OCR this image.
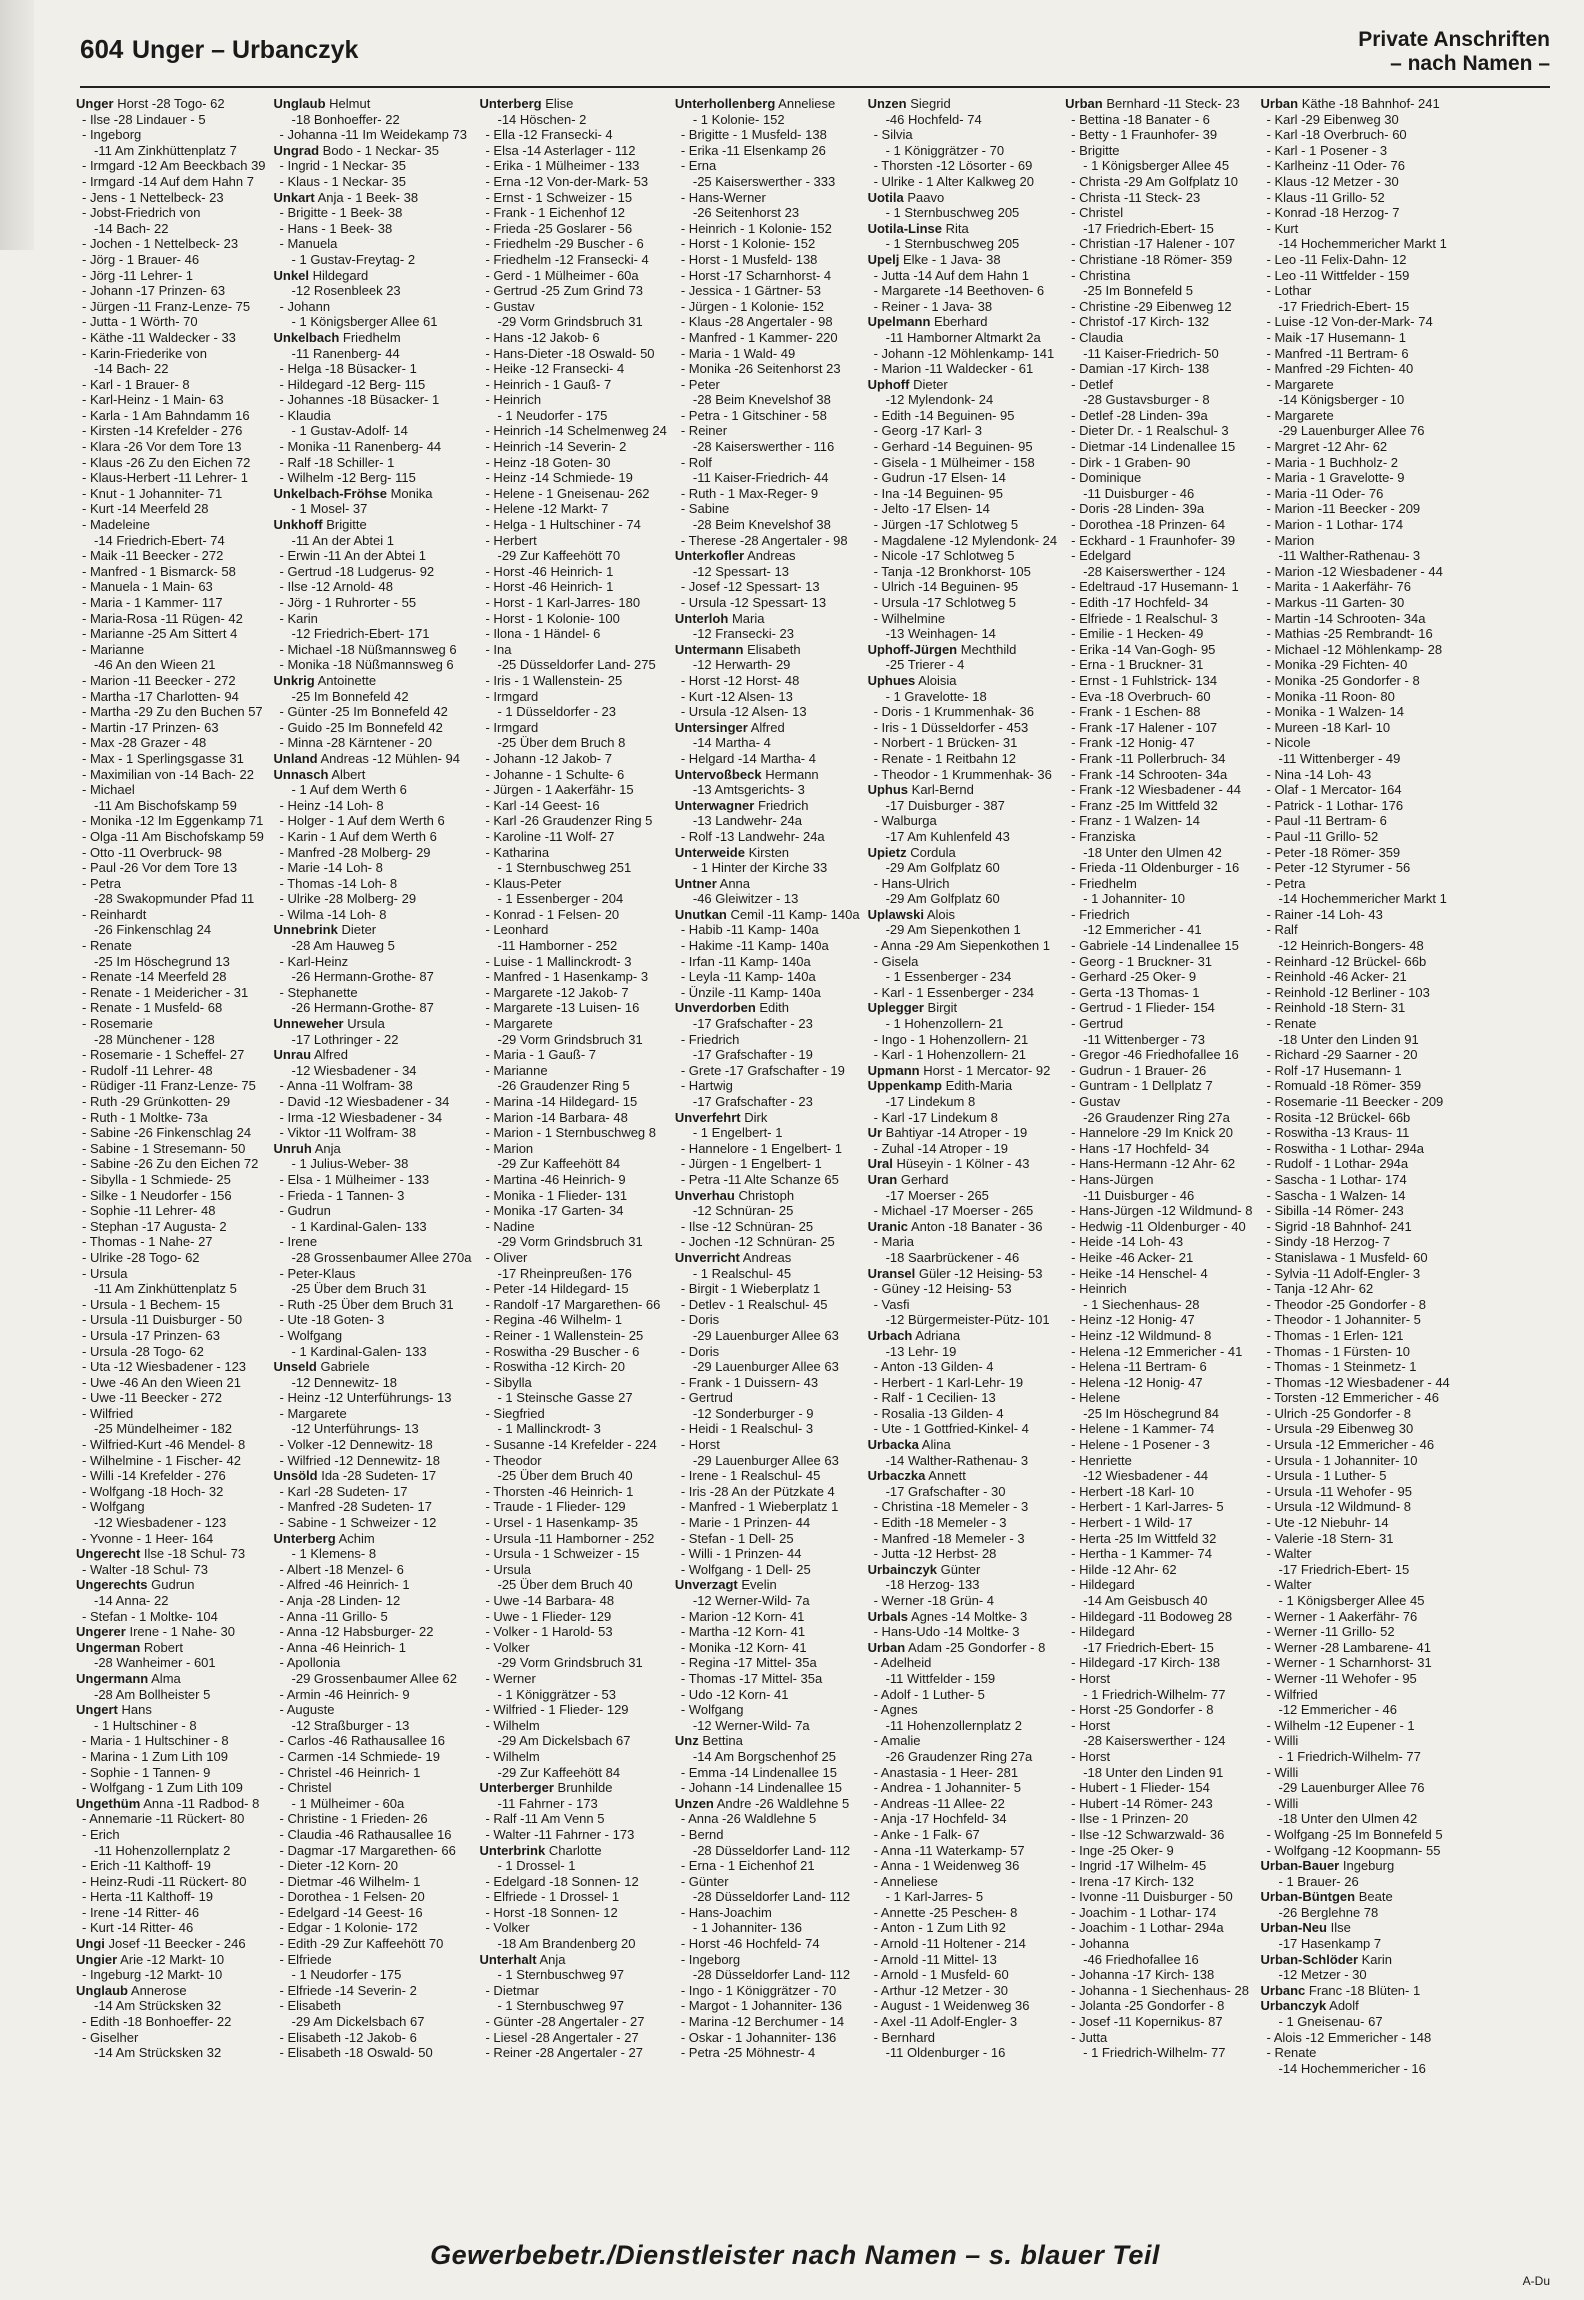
604 Unger – Urbanczyk	Private Anschriften
– nach Namen –
Unger Horst -28 Togo- 62
- Ilse -28 Lindauer - 5
- Ingeborg
-11 Am Zinkhüttenplatz 7
- Irmgard -12 Am Beeckbach 39
- Irmgard -14 Auf dem Hahn 7
- Jens - 1 Nettelbeck- 23
- Jobst-Friedrich von
-14 Bach- 22
- Jochen - 1 Nettelbeck- 23
- Jörg - 1 Brauer- 46
- Jörg -11 Lehrer- 1
- Johann -17 Prinzen- 63
- Jürgen -11 Franz-Lenze- 75
- Jutta - 1 Wörth- 70
- Käthe -11 Waldecker - 33
- Karin-Friederike von
-14 Bach- 22
- Karl - 1 Brauer- 8
- Karl-Heinz - 1 Main- 63
- Karla - 1 Am Bahndamm 16
- Kirsten -14 Krefelder - 276
- Klara -26 Vor dem Tore 13
- Klaus -26 Zu den Eichen 72
- Klaus-Herbert -11 Lehrer- 1
- Knut - 1 Johanniter- 71
- Kurt -14 Meerfeld 28
- Madeleine
-14 Friedrich-Ebert- 74
- Maik -11 Beecker - 272
- Manfred - 1 Bismarck- 58
- Manuela - 1 Main- 63
- Maria - 1 Kammer- 117
- Maria-Rosa -11 Rügen- 42
- Marianne -25 Am Sittert 4
- Marianne
-46 An den Wieen 21
- Marion -11 Beecker - 272
- Martha -17 Charlotten- 94
- Martha -29 Zu den Buchen 57
- Martin -17 Prinzen- 63
- Max -28 Grazer - 48
- Max - 1 Sperlingsgasse 31
- Maximilian von -14 Bach- 22
- Michael
-11 Am Bischofskamp 59
- Monika -12 Im Eggenkamp 71
- Olga -11 Am Bischofskamp 59
- Otto -11 Overbruck- 98
- Paul -26 Vor dem Tore 13
- Petra
-28 Swakopmunder Pfad 11
- Reinhardt
-26 Finkenschlag 24
- Renate
-25 Im Höschegrund 13
- Renate -14 Meerfeld 28
- Renate - 1 Meidericher - 31
- Renate - 1 Musfeld- 68
- Rosemarie
-28 Münchener - 128
- Rosemarie - 1 Scheffel- 27
- Rudolf -11 Lehrer- 48
- Rüdiger -11 Franz-Lenze- 75
- Ruth -29 Grünkotten- 29
- Ruth - 1 Moltke- 73a
- Sabine -26 Finkenschlag 24
- Sabine - 1 Stresemann- 50
- Sabine -26 Zu den Eichen 72
- Sibylla - 1 Schmiede- 25
- Silke - 1 Neudorfer - 156
- Sophie -11 Lehrer- 48
- Stephan -17 Augusta- 2
- Thomas - 1 Nahe- 27
- Ulrike -28 Togo- 62
- Ursula
-11 Am Zinkhüttenplatz 5
- Ursula - 1 Bechem- 15
- Ursula -11 Duisburger - 50
- Ursula -17 Prinzen- 63
- Ursula -28 Togo- 62
- Uta -12 Wiesbadener - 123
- Uwe -46 An den Wieen 21
- Uwe -11 Beecker - 272
- Wilfried
-25 Mündelheimer - 182
- Wilfried-Kurt -46 Mendel- 8
- Wilhelmine - 1 Fischer- 42
- Willi -14 Krefelder - 276
- Wolfgang -18 Hoch- 32
- Wolfgang
-12 Wiesbadener - 123
- Yvonne - 1 Heer- 164
Ungerecht Ilse -18 Schul- 73
- Walter -18 Schul- 73
Ungerechts Gudrun
-14 Anna- 22
- Stefan - 1 Moltke- 104
Ungerer Irene - 1 Nahe- 30
Ungerman Robert
-28 Wanheimer - 601
Ungermann Alma
-28 Am Bollheister 5
Ungert Hans
- 1 Hultschiner - 8
- Maria - 1 Hultschiner - 8
- Marina - 1 Zum Lith 109
- Sophie - 1 Tannen- 9
- Wolfgang - 1 Zum Lith 109
Ungethüm Anna -11 Radbod- 8
- Annemarie -11 Rückert- 80
- Erich
-11 Hohenzollernplatz 2
- Erich -11 Kalthoff- 19
- Heinz-Rudi -11 Rückert- 80
- Herta -11 Kalthoff- 19
- Irene -14 Ritter- 46
- Kurt -14 Ritter- 46
Ungi Josef -11 Beecker - 246
Ungier Arie -12 Markt- 10
- Ingeburg -12 Markt- 10
Unglaub Annerose
-14 Am Strücksken 32
- Edith -18 Bonhoeffer- 22
- Giselher
-14 Am Strücksken 32
Unglaub Helmut
-18 Bonhoeffer- 22
- Johanna -11 Im Weidekamp 73
Ungrad Bodo - 1 Neckar- 35
- Ingrid - 1 Neckar- 35
- Klaus - 1 Neckar- 35
Unkart Anja - 1 Beek- 38
- Brigitte - 1 Beek- 38
- Hans - 1 Beek- 38
- Manuela
- 1 Gustav-Freytag- 2
Unkel Hildegard
-12 Rosenbleek 23
- Johann
- 1 Königsberger Allee 61
Unkelbach Friedhelm
-11 Ranenberg- 44
- Helga -18 Büsacker- 1
- Hildegard -12 Berg- 115
- Johannes -18 Büsacker- 1
- Klaudia
- 1 Gustav-Adolf- 14
- Monika -11 Ranenberg- 44
- Ralf -18 Schiller- 1
- Wilhelm -12 Berg- 115
Unkelbach-Fröhse Monika
- 1 Mosel- 37
Unkhoff Brigitte
-11 An der Abtei 1
- Erwin -11 An der Abtei 1
- Gertrud -18 Ludgerus- 92
- Ilse -12 Arnold- 48
- Jörg - 1 Ruhrorter - 55
- Karin
-12 Friedrich-Ebert- 171
- Michael -18 Nüßmannsweg 6
- Monika -18 Nüßmannsweg 6
Unkrig Antoinette
-25 Im Bonnefeld 42
- Günter -25 Im Bonnefeld 42
- Guido -25 Im Bonnefeld 42
- Minna -28 Kärntener - 20
Unland Andreas -12 Mühlen- 94
Unnasch Albert
- 1 Auf dem Werth 6
- Heinz -14 Loh- 8
- Holger - 1 Auf dem Werth 6
- Karin - 1 Auf dem Werth 6
- Manfred -28 Molberg- 29
- Marie -14 Loh- 8
- Thomas -14 Loh- 8
- Ulrike -28 Molberg- 29
- Wilma -14 Loh- 8
Unnebrink Dieter
-28 Am Hauweg 5
- Karl-Heinz
-26 Hermann-Grothe- 87
- Stephanette
-26 Hermann-Grothe- 87
Unneweher Ursula
-17 Lothringer - 22
Unrau Alfred
-12 Wiesbadener - 34
- Anna -11 Wolfram- 38
- David -12 Wiesbadener - 34
- Irma -12 Wiesbadener - 34
- Viktor -11 Wolfram- 38
Unruh Anja
- 1 Julius-Weber- 38
- Elsa - 1 Mülheimer - 133
- Frieda - 1 Tannen- 3
- Gudrun
- 1 Kardinal-Galen- 133
- Irene
-28 Grossenbaumer Allee 270a
- Peter-Klaus
-25 Über dem Bruch 31
- Ruth -25 Über dem Bruch 31
- Ute -18 Goten- 3
- Wolfgang
- 1 Kardinal-Galen- 133
Unseld Gabriele
-12 Dennewitz- 18
- Heinz -12 Unterführungs- 13
- Margarete
-12 Unterführungs- 13
- Volker -12 Dennewitz- 18
- Wilfried -12 Dennewitz- 18
Unsöld Ida -28 Sudeten- 17
- Karl -28 Sudeten- 17
- Manfred -28 Sudeten- 17
- Sabine - 1 Schweizer - 12
Unterberg Achim
- 1 Klemens- 8
- Albert -18 Menzel- 6
- Alfred -46 Heinrich- 1
- Anja -28 Linden- 12
- Anna -11 Grillo- 5
- Anna -12 Habsburger- 22
- Anna -46 Heinrich- 1
- Apollonia
-29 Grossenbaumer Allee 62
- Armin -46 Heinrich- 9
- Auguste
-12 Straßburger - 13
- Carlos -46 Rathausallee 16
- Carmen -14 Schmiede- 19
- Christel -46 Heinrich- 1
- Christel
- 1 Mülheimer - 60a
- Christine - 1 Frieden- 26
- Claudia -46 Rathausallee 16
- Dagmar -17 Margarethen- 66
- Dieter -12 Korn- 20
- Dietmar -46 Wilhelm- 1
- Dorothea - 1 Felsen- 20
- Edelgard -14 Geest- 16
- Edgar - 1 Kolonie- 172
- Edith -29 Zur Kaffeehött 70
- Elfriede
- 1 Neudorfer - 175
- Elfriede -14 Severin- 2
- Elisabeth
-29 Am Dickelsbach 67
- Elisabeth -12 Jakob- 6
- Elisabeth -18 Oswald- 50
Unterberg Elise
-14 Höschen- 2
- Ella -12 Fransecki- 4
- Elsa -14 Asterlager - 112
- Erika - 1 Mülheimer - 133
- Erna -12 Von-der-Mark- 53
- Ernst - 1 Schweizer - 15
- Frank - 1 Eichenhof 12
- Frieda -25 Goslarer - 56
- Friedhelm -29 Buscher - 6
- Friedhelm -12 Fransecki- 4
- Gerd - 1 Mülheimer - 60a
- Gertrud -25 Zum Grind 73
- Gustav
-29 Vorm Grindsbruch 31
- Hans -12 Jakob- 6
- Hans-Dieter -18 Oswald- 50
- Heike -12 Fransecki- 4
- Heinrich - 1 Gauß- 7
- Heinrich
- 1 Neudorfer - 175
- Heinrich -14 Schelmenweg 24
- Heinrich -14 Severin- 2
- Heinz -18 Goten- 30
- Heinz -14 Schmiede- 19
- Helene - 1 Gneisenau- 262
- Helene -12 Markt- 7
- Helga - 1 Hultschiner - 74
- Herbert
-29 Zur Kaffeehött 70
- Horst -46 Heinrich- 1
- Horst -46 Heinrich- 1
- Horst - 1 Karl-Jarres- 180
- Horst - 1 Kolonie- 100
- Ilona - 1 Händel- 6
- Ina
-25 Düsseldorfer Land- 275
- Iris - 1 Wallenstein- 25
- Irmgard
- 1 Düsseldorfer - 23
- Irmgard
-25 Über dem Bruch 8
- Johann -12 Jakob- 7
- Johanne - 1 Schulte- 6
- Jürgen - 1 Aakerfähr- 15
- Karl -14 Geest- 16
- Karl -26 Graudenzer Ring 5
- Karoline -11 Wolf- 27
- Katharina
- 1 Sternbuschweg 251
- Klaus-Peter
- 1 Essenberger - 204
- Konrad - 1 Felsen- 20
- Leonhard
-11 Hamborner - 252
- Luise - 1 Mallinckrodt- 3
- Manfred - 1 Hasenkamp- 3
- Margarete -12 Jakob- 7
- Margarete -13 Luisen- 16
- Margarete
-29 Vorm Grindsbruch 31
- Maria - 1 Gauß- 7
- Marianne
-26 Graudenzer Ring 5
- Marina -14 Hildegard- 15
- Marion -14 Barbara- 48
- Marion - 1 Sternbuschweg 8
- Marion
-29 Zur Kaffeehött 84
- Martina -46 Heinrich- 9
- Monika - 1 Flieder- 131
- Monika -17 Garten- 34
- Nadine
-29 Vorm Grindsbruch 31
- Oliver
-17 Rheinpreußen- 176
- Peter -14 Hildegard- 15
- Randolf -17 Margarethen- 66
- Regina -46 Wilhelm- 1
- Reiner - 1 Wallenstein- 25
- Roswitha -29 Buscher - 6
- Roswitha -12 Kirch- 20
- Sibylla
- 1 Steinsche Gasse 27
- Siegfried
- 1 Mallinckrodt- 3
- Susanne -14 Krefelder - 224
- Theodor
-25 Über dem Bruch 40
- Thorsten -46 Heinrich- 1
- Traude - 1 Flieder- 129
- Ursel - 1 Hasenkamp- 35
- Ursula -11 Hamborner - 252
- Ursula - 1 Schweizer - 15
- Ursula
-25 Über dem Bruch 40
- Uwe -14 Barbara- 48
- Uwe - 1 Flieder- 129
- Volker - 1 Harold- 53
- Volker
-29 Vorm Grindsbruch 31
- Werner
- 1 Königgrätzer - 53
- Wilfried - 1 Flieder- 129
- Wilhelm
-29 Am Dickelsbach 67
- Wilhelm
-29 Zur Kaffeehött 84
Unterberger Brunhilde
-11 Fahrner - 173
- Ralf -11 Am Venn 5
- Walter -11 Fahrner - 173
Unterbrink Charlotte
- 1 Drossel- 1
- Edelgard -18 Sonnen- 12
- Elfriede - 1 Drossel- 1
- Horst -18 Sonnen- 12
- Volker
-18 Am Brandenberg 20
Unterhalt Anja
- 1 Sternbuschweg 97
- Dietmar
- 1 Sternbuschweg 97
- Günter -28 Angertaler - 27
- Liesel -28 Angertaler - 27
- Reiner -28 Angertaler - 27
Unterhollenberg Anneliese
- 1 Kolonie- 152
- Brigitte - 1 Musfeld- 138
- Erika -11 Elsenkamp 26
- Erna
-25 Kaiserswerther - 333
- Hans-Werner
-26 Seitenhorst 23
- Heinrich - 1 Kolonie- 152
- Horst - 1 Kolonie- 152
- Horst - 1 Musfeld- 138
- Horst -17 Scharnhorst- 4
- Jessica - 1 Gärtner- 53
- Jürgen - 1 Kolonie- 152
- Klaus -28 Angertaler - 98
- Manfred - 1 Kammer- 220
- Maria - 1 Wald- 49
- Monika -26 Seitenhorst 23
- Peter
-28 Beim Knevelshof 38
- Petra - 1 Gitschiner - 58
- Reiner
-28 Kaiserswerther - 116
- Rolf
-11 Kaiser-Friedrich- 44
- Ruth - 1 Max-Reger- 9
- Sabine
-28 Beim Knevelshof 38
- Therese -28 Angertaler - 98
Unterkofler Andreas
-12 Spessart- 13
- Josef -12 Spessart- 13
- Ursula -12 Spessart- 13
Unterloh Maria
-12 Fransecki- 23
Untermann Elisabeth
-12 Herwarth- 29
- Horst -12 Horst- 48
- Kurt -12 Alsen- 13
- Ursula -12 Alsen- 13
Untersinger Alfred
-14 Martha- 4
- Helgard -14 Martha- 4
Untervoßbeck Hermann
-13 Amtsgerichts- 3
Unterwagner Friedrich
-13 Landwehr- 24a
- Rolf -13 Landwehr- 24a
Unterweide Kirsten
- 1 Hinter der Kirche 33
Untner Anna
-46 Gleiwitzer - 13
Unutkan Cemil -11 Kamp- 140a
- Habib -11 Kamp- 140a
- Hakime -11 Kamp- 140a
- Irfan -11 Kamp- 140a
- Leyla -11 Kamp- 140a
- Ünzile -11 Kamp- 140a
Unverdorben Edith
-17 Grafschafter - 23
- Friedrich
-17 Grafschafter - 19
- Grete -17 Grafschafter - 19
- Hartwig
-17 Grafschafter - 23
Unverfehrt Dirk
- 1 Engelbert- 1
- Hannelore - 1 Engelbert- 1
- Jürgen - 1 Engelbert- 1
- Petra -11 Alte Schanze 65
Unverhau Christoph
-12 Schnüran- 25
- Ilse -12 Schnüran- 25
- Jochen -12 Schnüran- 25
Unverricht Andreas
- 1 Realschul- 45
- Birgit - 1 Wieberplatz 1
- Detlev - 1 Realschul- 45
- Doris
-29 Lauenburger Allee 63
- Doris
-29 Lauenburger Allee 63
- Frank - 1 Duissern- 43
- Gertrud
-12 Sonderburger - 9
- Heidi - 1 Realschul- 3
- Horst
-29 Lauenburger Allee 63
- Irene - 1 Realschul- 45
- Iris -28 An der Pützkate 4
- Manfred - 1 Wieberplatz 1
- Marie - 1 Prinzen- 44
- Stefan - 1 Dell- 25
- Willi - 1 Prinzen- 44
- Wolfgang - 1 Dell- 25
Unverzagt Evelin
-12 Werner-Wild- 7a
- Marion -12 Korn- 41
- Martha -12 Korn- 41
- Monika -12 Korn- 41
- Regina -17 Mittel- 35a
- Thomas -17 Mittel- 35a
- Udo -12 Korn- 41
- Wolfgang
-12 Werner-Wild- 7a
Unz Bettina
-14 Am Borgschenhof 25
- Emma -14 Lindenallee 15
- Johann -14 Lindenallee 15
Unzen Andre -26 Waldlehne 5
- Anna -26 Waldlehne 5
- Bernd
-28 Düsseldorfer Land- 112
- Erna - 1 Eichenhof 21
- Günter
-28 Düsseldorfer Land- 112
- Hans-Joachim
- 1 Johanniter- 136
- Horst -46 Hochfeld- 74
- Ingeborg
-28 Düsseldorfer Land- 112
- Ingo - 1 Königgrätzer - 70
- Margot - 1 Johanniter- 136
- Marina -12 Berchumer - 14
- Oskar - 1 Johanniter- 136
- Petra -25 Möhnestr- 4
Unzen Siegrid
-46 Hochfeld- 74
- Silvia
- 1 Königgrätzer - 70
- Thorsten -12 Lösorter - 69
- Ulrike - 1 Alter Kalkweg 20
Uotila Paavo
- 1 Sternbuschweg 205
Uotila-Linse Rita
- 1 Sternbuschweg 205
Upelj Elke - 1 Java- 38
- Jutta -14 Auf dem Hahn 1
- Margarete -14 Beethoven- 6
- Reiner - 1 Java- 38
Upelmann Eberhard
-11 Hamborner Altmarkt 2a
- Johann -12 Möhlenkamp- 141
- Marion -11 Waldecker - 61
Uphoff Dieter
-12 Mylendonk- 24
- Edith -14 Beguinen- 95
- Georg -17 Karl- 3
- Gerhard -14 Beguinen- 95
- Gisela - 1 Mülheimer - 158
- Gudrun -17 Elsen- 14
- Ina -14 Beguinen- 95
- Jelto -17 Elsen- 14
- Jürgen -17 Schlotweg 5
- Magdalene -12 Mylendonk- 24
- Nicole -17 Schlotweg 5
- Tanja -12 Bronkhorst- 105
- Ulrich -14 Beguinen- 95
- Ursula -17 Schlotweg 5
- Wilhelmine
-13 Weinhagen- 14
Uphoff-Jürgen Mechthild
-25 Trierer - 4
Uphues Aloisia
- 1 Gravelotte- 18
- Doris - 1 Krummenhak- 36
- Iris - 1 Düsseldorfer - 453
- Norbert - 1 Brücken- 31
- Renate - 1 Reitbahn 12
- Theodor - 1 Krummenhak- 36
Uphus Karl-Bernd
-17 Duisburger - 387
- Walburga
-17 Am Kuhlenfeld 43
Upietz Cordula
-29 Am Golfplatz 60
- Hans-Ulrich
-29 Am Golfplatz 60
Uplawski Alois
-29 Am Siepenkothen 1
- Anna -29 Am Siepenkothen 1
- Gisela
- 1 Essenberger - 234
- Karl - 1 Essenberger - 234
Uplegger Birgit
- 1 Hohenzollern- 21
- Ingo - 1 Hohenzollern- 21
- Karl - 1 Hohenzollern- 21
Upmann Horst - 1 Mercator- 92
Uppenkamp Edith-Maria
-17 Lindekum 8
- Karl -17 Lindekum 8
Ur Bahtiyar -14 Atroper - 19
- Zuhal -14 Atroper - 19
Ural Hüseyin - 1 Kölner - 43
Uran Gerhard
-17 Moerser - 265
- Michael -17 Moerser - 265
Uranic Anton -18 Banater - 36
- Maria
-18 Saarbrückener - 46
Uransel Güler -12 Heising- 53
- Güney -12 Heising- 53
- Vasfi
-12 Bürgermeister-Pütz- 101
Urbach Adriana
-13 Lehr- 19
- Anton -13 Gilden- 4
- Herbert - 1 Karl-Lehr- 19
- Ralf - 1 Cecilien- 13
- Rosalia -13 Gilden- 4
- Ute - 1 Gottfried-Kinkel- 4
Urbacka Alina
-14 Walther-Rathenau- 3
Urbaczka Annett
-17 Grafschafter - 30
- Christina -18 Memeler - 3
- Edith -18 Memeler - 3
- Manfred -18 Memeler - 3
- Jutta -12 Herbst- 28
Urbainczyk Günter
-18 Herzog- 133
- Werner -18 Grün- 4
Urbals Agnes -14 Moltke- 3
- Hans-Udo -14 Moltke- 3
Urban Adam -25 Gondorfer - 8
- Adelheid
-11 Wittfelder - 159
- Adolf - 1 Luther- 5
- Agnes
-11 Hohenzollernplatz 2
- Amalie
-26 Graudenzer Ring 27a
- Anastasia - 1 Heer- 281
- Andrea - 1 Johanniter- 5
- Andreas -11 Allee- 22
- Anja -17 Hochfeld- 34
- Anke - 1 Falk- 67
- Anna -11 Waterkamp- 57
- Anna - 1 Weidenweg 36
- Anneliese
- 1 Karl-Jarres- 5
- Annette -25 Pescheн- 8
- Anton - 1 Zum Lith 92
- Arnold -11 Holtener - 214
- Arnold -11 Mittel- 13
- Arnold - 1 Musfeld- 60
- Arthur -12 Metzer - 30
- August - 1 Weidenweg 36
- Axel -11 Adolf-Engler- 3
- Bernhard
-11 Oldenburger - 16
Urban Bernhard -11 Steck- 23
- Bettina -18 Banater - 6
- Betty - 1 Fraunhofer- 39
- Brigitte
- 1 Königsberger Allee 45
- Christa -29 Am Golfplatz 10
- Christa -11 Steck- 23
- Christel
-17 Friedrich-Ebert- 15
- Christian -17 Halener - 107
- Christiane -18 Römer- 359
- Christina
-25 Im Bonnefeld 5
- Christine -29 Eibenweg 12
- Christof -17 Kirch- 132
- Claudia
-11 Kaiser-Friedrich- 50
- Damian -17 Kirch- 138
- Detlef
-28 Gustavsburger - 8
- Detlef -28 Linden- 39a
- Dieter Dr. - 1 Realschul- 3
- Dietmar -14 Lindenallee 15
- Dirk - 1 Graben- 90
- Dominique
-11 Duisburger - 46
- Doris -28 Linden- 39a
- Dorothea -18 Prinzen- 64
- Eckhard - 1 Fraunhofer- 39
- Edelgard
-28 Kaiserswerther - 124
- Edeltraud -17 Husemann- 1
- Edith -17 Hochfeld- 34
- Elfriede - 1 Realschul- 3
- Emilie - 1 Hecken- 49
- Erika -14 Van-Gogh- 95
- Erna - 1 Bruckner- 31
- Ernst - 1 Fuhlstrick- 134
- Eva -18 Overbruch- 60
- Frank - 1 Eschen- 88
- Frank -17 Halener - 107
- Frank -12 Honig- 47
- Frank -11 Pollerbruch- 34
- Frank -14 Schrooten- 34a
- Frank -12 Wiesbadener - 44
- Franz -25 Im Wittfeld 32
- Franz - 1 Walzen- 14
- Franziska
-18 Unter den Ulmen 42
- Frieda -11 Oldenburger - 16
- Friedhelm
- 1 Johanniter- 10
- Friedrich
-12 Emmericher - 41
- Gabriele -14 Lindenallee 15
- Georg - 1 Bruckner- 31
- Gerhard -25 Oker- 9
- Gerta -13 Thomas- 1
- Gertrud - 1 Flieder- 154
- Gertrud
-11 Wittenberger - 73
- Gregor -46 Friedhofallee 16
- Gudrun - 1 Brauer- 26
- Guntram - 1 Dellplatz 7
- Gustav
-26 Graudenzer Ring 27a
- Hannelore -29 Im Knick 20
- Hans -17 Hochfeld- 34
- Hans-Hermann -12 Ahr- 62
- Hans-Jürgen
-11 Duisburger - 46
- Hans-Jürgen -12 Wildmund- 8
- Hedwig -11 Oldenburger - 40
- Heide -14 Loh- 43
- Heike -46 Acker- 21
- Heike -14 Henschel- 4
- Heinrich
- 1 Siechenhaus- 28
- Heinz -12 Honig- 47
- Heinz -12 Wildmund- 8
- Helena -12 Emmericher - 41
- Helena -11 Bertram- 6
- Helena -12 Honig- 47
- Helene
-25 Im Höschegrund 84
- Helene - 1 Kammer- 74
- Helene - 1 Posener - 3
- Henriette
-12 Wiesbadener - 44
- Herbert -18 Karl- 10
- Herbert - 1 Karl-Jarres- 5
- Herbert - 1 Wild- 17
- Herta -25 Im Wittfeld 32
- Hertha - 1 Kammer- 74
- Hilde -12 Ahr- 62
- Hildegard
-14 Am Geisbusch 40
- Hildegard -11 Bodoweg 28
- Hildegard
-17 Friedrich-Ebert- 15
- Hildegard -17 Kirch- 138
- Horst
- 1 Friedrich-Wilhelm- 77
- Horst -25 Gondorfer - 8
- Horst
-28 Kaiserswerther - 124
- Horst
-18 Unter den Linden 91
- Hubert - 1 Flieder- 154
- Hubert -14 Römer- 243
- Ilse - 1 Prinzen- 20
- Ilse -12 Schwarzwald- 36
- Inge -25 Oker- 9
- Ingrid -17 Wilhelm- 45
- Irena -17 Kirch- 132
- Ivonne -11 Duisburger - 50
- Joachim - 1 Lothar- 174
- Joachim - 1 Lothar- 294a
- Johanna
-46 Friedhofallee 16
- Johanna -17 Kirch- 138
- Johanna - 1 Siechenhaus- 28
- Jolanta -25 Gondorfer - 8
- Josef -11 Kopernikus- 87
- Jutta
- 1 Friedrich-Wilhelm- 77
Urban Käthe -18 Bahnhof- 241
- Karl -29 Eibenweg 30
- Karl -18 Overbruch- 60
- Karl - 1 Posener - 3
- Karlheinz -11 Oder- 76
- Klaus -12 Metzer - 30
- Klaus -11 Grillo- 52
- Konrad -18 Herzog- 7
- Kurt
-14 Hochemmericher Markt 1
- Leo -11 Felix-Dahn- 12
- Leo -11 Wittfelder - 159
- Lothar
-17 Friedrich-Ebert- 15
- Luise -12 Von-der-Mark- 74
- Maik -17 Husemann- 1
- Manfred -11 Bertram- 6
- Manfred -29 Fichten- 40
- Margarete
-14 Königsberger - 10
- Margarete
-29 Lauenburger Allee 76
- Margret -12 Ahr- 62
- Maria - 1 Buchholz- 2
- Maria - 1 Gravelotte- 9
- Maria -11 Oder- 76
- Marion -11 Beecker - 209
- Marion - 1 Lothar- 174
- Marion
-11 Walther-Rathenau- 3
- Marion -12 Wiesbadener - 44
- Marita - 1 Aakerfähr- 76
- Markus -11 Garten- 30
- Martin -14 Schrooten- 34a
- Mathias -25 Rembrandt- 16
- Michael -12 Möhlenkamp- 28
- Monika -29 Fichten- 40
- Monika -25 Gondorfer - 8
- Monika -11 Roon- 80
- Monika - 1 Walzen- 14
- Mureen -18 Karl- 10
- Nicole
-11 Wittenberger - 49
- Nina -14 Loh- 43
- Olaf - 1 Mercator- 164
- Patrick - 1 Lothar- 176
- Paul -11 Bertram- 6
- Paul -11 Grillo- 52
- Peter -18 Römer- 359
- Peter -12 Styrumer - 56
- Petra
-14 Hochemmericher Markt 1
- Rainer -14 Loh- 43
- Ralf
-12 Heinrich-Bongers- 48
- Reinhard -12 Brückel- 66b
- Reinhold -46 Acker- 21
- Reinhold -12 Berliner - 103
- Reinhold -18 Stern- 31
- Renate
-18 Unter den Linden 91
- Richard -29 Saarner - 20
- Rolf -17 Husemann- 1
- Romuald -18 Römer- 359
- Rosemarie -11 Beecker - 209
- Rosita -12 Brückel- 66b
- Roswitha -13 Kraus- 11
- Roswitha - 1 Lothar- 294a
- Rudolf - 1 Lothar- 294a
- Sascha - 1 Lothar- 174
- Sascha - 1 Walzen- 14
- Sibilla -14 Römer- 243
- Sigrid -18 Bahnhof- 241
- Sindy -18 Herzog- 7
- Stanislawa - 1 Musfeld- 60
- Sylvia -11 Adolf-Engler- 3
- Tanja -12 Ahr- 62
- Theodor -25 Gondorfer - 8
- Theodor - 1 Johanniter- 5
- Thomas - 1 Erlen- 121
- Thomas - 1 Fürsten- 10
- Thomas - 1 Steinmetz- 1
- Thomas -12 Wiesbadener - 44
- Torsten -12 Emmericher - 46
- Ulrich -25 Gondorfer - 8
- Ursula -29 Eibenweg 30
- Ursula -12 Emmericher - 46
- Ursula - 1 Johanniter- 10
- Ursula - 1 Luther- 5
- Ursula -11 Wehofer - 95
- Ursula -12 Wildmund- 8
- Ute -12 Niebuhr- 14
- Valerie -18 Stern- 31
- Walter
-17 Friedrich-Ebert- 15
- Walter
- 1 Königsberger Allee 45
- Werner - 1 Aakerfähr- 76
- Werner -11 Grillo- 52
- Werner -28 Lambarene- 41
- Werner - 1 Scharnhorst- 31
- Werner -11 Wehofer - 95
- Wilfried
-12 Emmericher - 46
- Wilhelm -12 Eupener - 1
- Willi
- 1 Friedrich-Wilhelm- 77
- Willi
-29 Lauenburger Allee 76
- Willi
-18 Unter den Ulmen 42
- Wolfgang -25 Im Bonnefeld 5
- Wolfgang -12 Koopmann- 55
Urban-Bauer Ingeburg
- 1 Brauer- 26
Urban-Büntgen Beate
-26 Berglehne 78
Urban-Neu Ilse
-17 Hasenkamp 7
Urban-Schlöder Karin
-12 Metzer - 30
Urbanc Franc -18 Blüten- 1
Urbanczyk Adolf
- 1 Gneisenau- 67
- Alois -12 Emmericher - 148
- Renate
-14 Hochemmericher - 16
Gewerbebetr./Dienstleister nach Namen – s. blauer Teil
A-Du
